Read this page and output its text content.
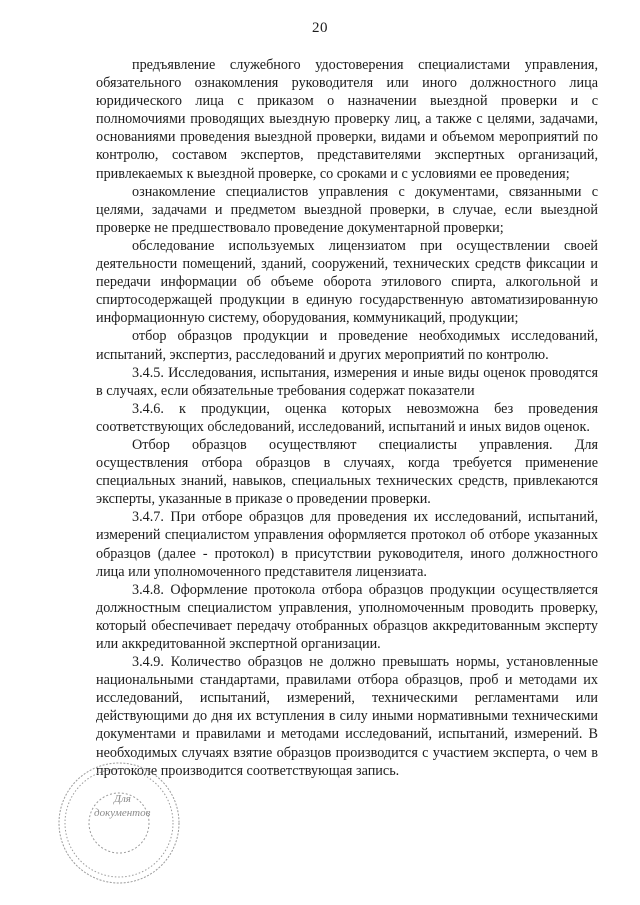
20

предъявление служебного удостоверения специалистами управления, обязательного ознакомления руководителя или иного должностного лица юридического лица с приказом о назначении выездной проверки и с полномочиями проводящих выездную проверку лиц, а также с целями, задачами, основаниями проведения выездной проверки, видами и объемом мероприятий по контролю, составом экспертов, представителями экспертных организаций, привлекаемых к выездной проверке, со сроками и с условиями ее проведения;

ознакомление специалистов управления с документами, связанными с целями, задачами и предметом выездной проверки, в случае, если выездной проверке не предшествовало проведение документарной проверки;

обследование используемых лицензиатом при осуществлении своей деятельности помещений, зданий, сооружений, технических средств фиксации и передачи информации об объеме оборота этилового спирта, алкогольной и спиртосодержащей продукции в единую государственную автоматизированную информационную систему, оборудования, коммуникаций, продукции;

отбор образцов продукции и проведение необходимых исследований, испытаний, экспертиз, расследований и других мероприятий по контролю.

3.4.5. Исследования, испытания, измерения и иные виды оценок проводятся в случаях, если обязательные требования содержат показатели

3.4.6. к продукции, оценка которых невозможна без проведения соответствующих обследований, исследований, испытаний и иных видов оценок.

Отбор образцов осуществляют специалисты управления. Для осуществления отбора образцов в случаях, когда требуется применение специальных знаний, навыков, специальных технических средств, привлекаются эксперты, указанные в приказе о проведении проверки.

3.4.7. При отборе образцов для проведения их исследований, испытаний, измерений специалистом управления оформляется протокол об отборе указанных образцов (далее - протокол) в присутствии руководителя, иного должностного лица или уполномоченного представителя лицензиата.

3.4.8. Оформление протокола отбора образцов продукции осуществляется должностным специалистом управления, уполномоченным проводить проверку, который обеспечивает передачу отобранных образцов аккредитованным эксперту или аккредитованной экспертной организации.

3.4.9. Количество образцов не должно превышать нормы, установленные национальными стандартами, правилами отбора образцов, проб и методами их исследований, испытаний, измерений, техническими регламентами или действующими до дня их вступления в силу иными нормативными техническими документами и правилами и методами исследований, испытаний, измерений. В необходимых случаях взятие образцов производится с участием эксперта, о чем в протоколе производится соответствующая запись.

Для
документов
